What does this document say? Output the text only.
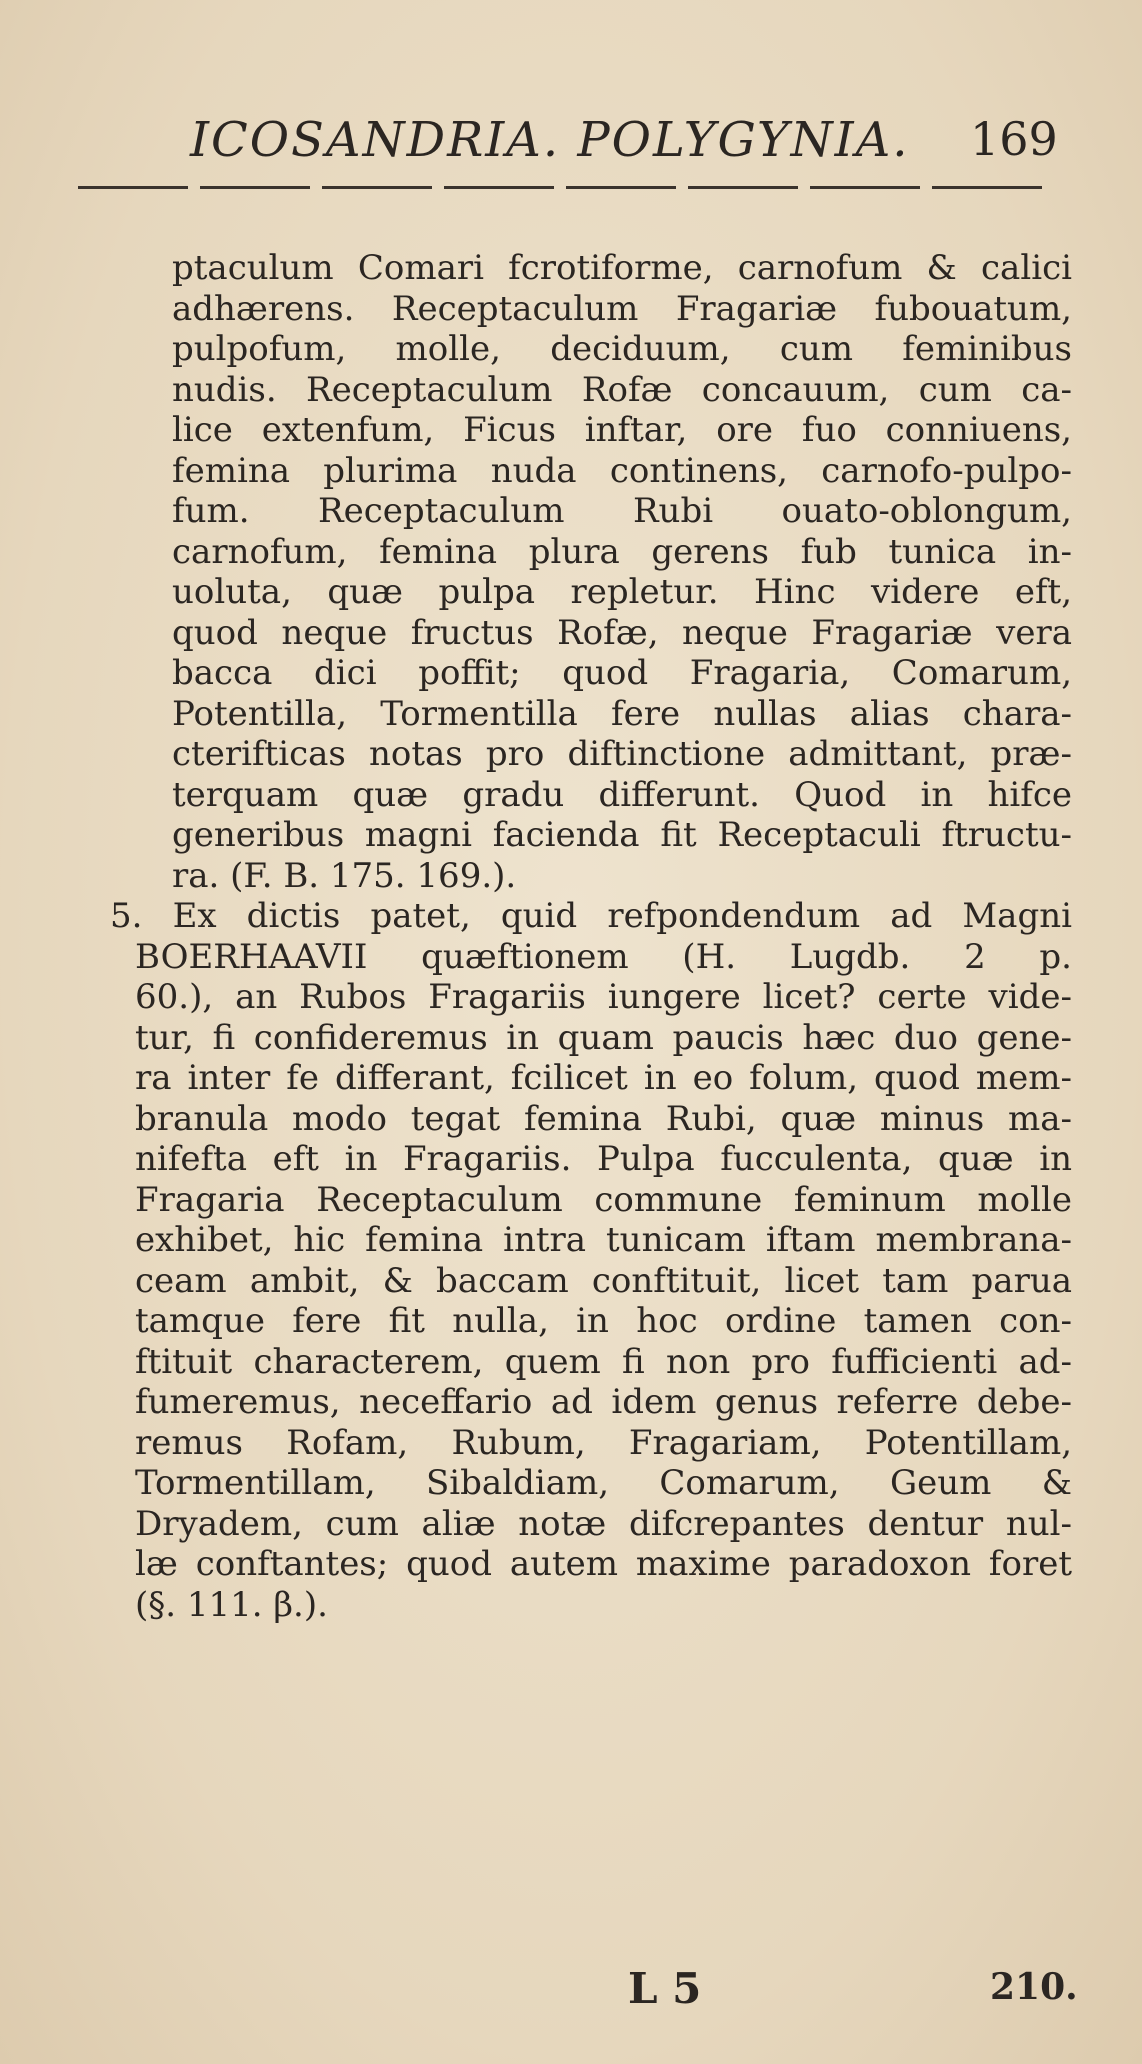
ICOSANDRIA. POLYGYNIA. 169
ptaculum Comari fcrotiforme, carnofum & calici
adhærens. Receptaculum Fragariæ fubouatum,
pulpofum, molle, deciduum, cum feminibus
nudis. Receptaculum Rofæ concauum, cum ca-
lice extenfum, Ficus inftar, ore fuo conniuens,
femina plurima nuda continens, carnofo-pulpo-
fum. Receptaculum Rubi ouato-oblongum,
carnofum, femina plura gerens fub tunica in-
uoluta, quæ pulpa repletur. Hinc videre eft,
quod neque fructus Rofæ, neque Fragariæ vera
bacca dici poffit; quod Fragaria, Comarum,
Potentilla, Tormentilla fere nullas alias chara-
cterifticas notas pro diftinctione admittant, præ-
terquam quæ gradu differunt. Quod in hifce
generibus magni facienda fit Receptaculi ftructu-
ra. (F. B. 175. 169.).
5. Ex dictis patet, quid refpondendum ad Magni
BOERHAAVII quæftionem (H. Lugdb. 2 p.
60.), an Rubos Fragariis iungere licet? certe vide-
tur, fi confideremus in quam paucis hæc duo gene-
ra inter fe differant, fcilicet in eo folum, quod mem-
branula modo tegat femina Rubi, quæ minus ma-
nifefta eft in Fragariis. Pulpa fucculenta, quæ in
Fragaria Receptaculum commune feminum molle
exhibet, hic femina intra tunicam iftam membrana-
ceam ambit, & baccam conftituit, licet tam parua
tamque fere fit nulla, in hoc ordine tamen con-
ftituit characterem, quem fi non pro fufficienti ad-
fumeremus, neceffario ad idem genus referre debe-
remus Rofam, Rubum, Fragariam, Potentillam,
Tormentillam, Sibaldiam, Comarum, Geum &
Dryadem, cum aliæ notæ difcrepantes dentur nul-
læ conftantes; quod autem maxime paradoxon foret
(§. 111. β.).
L 5	210.
